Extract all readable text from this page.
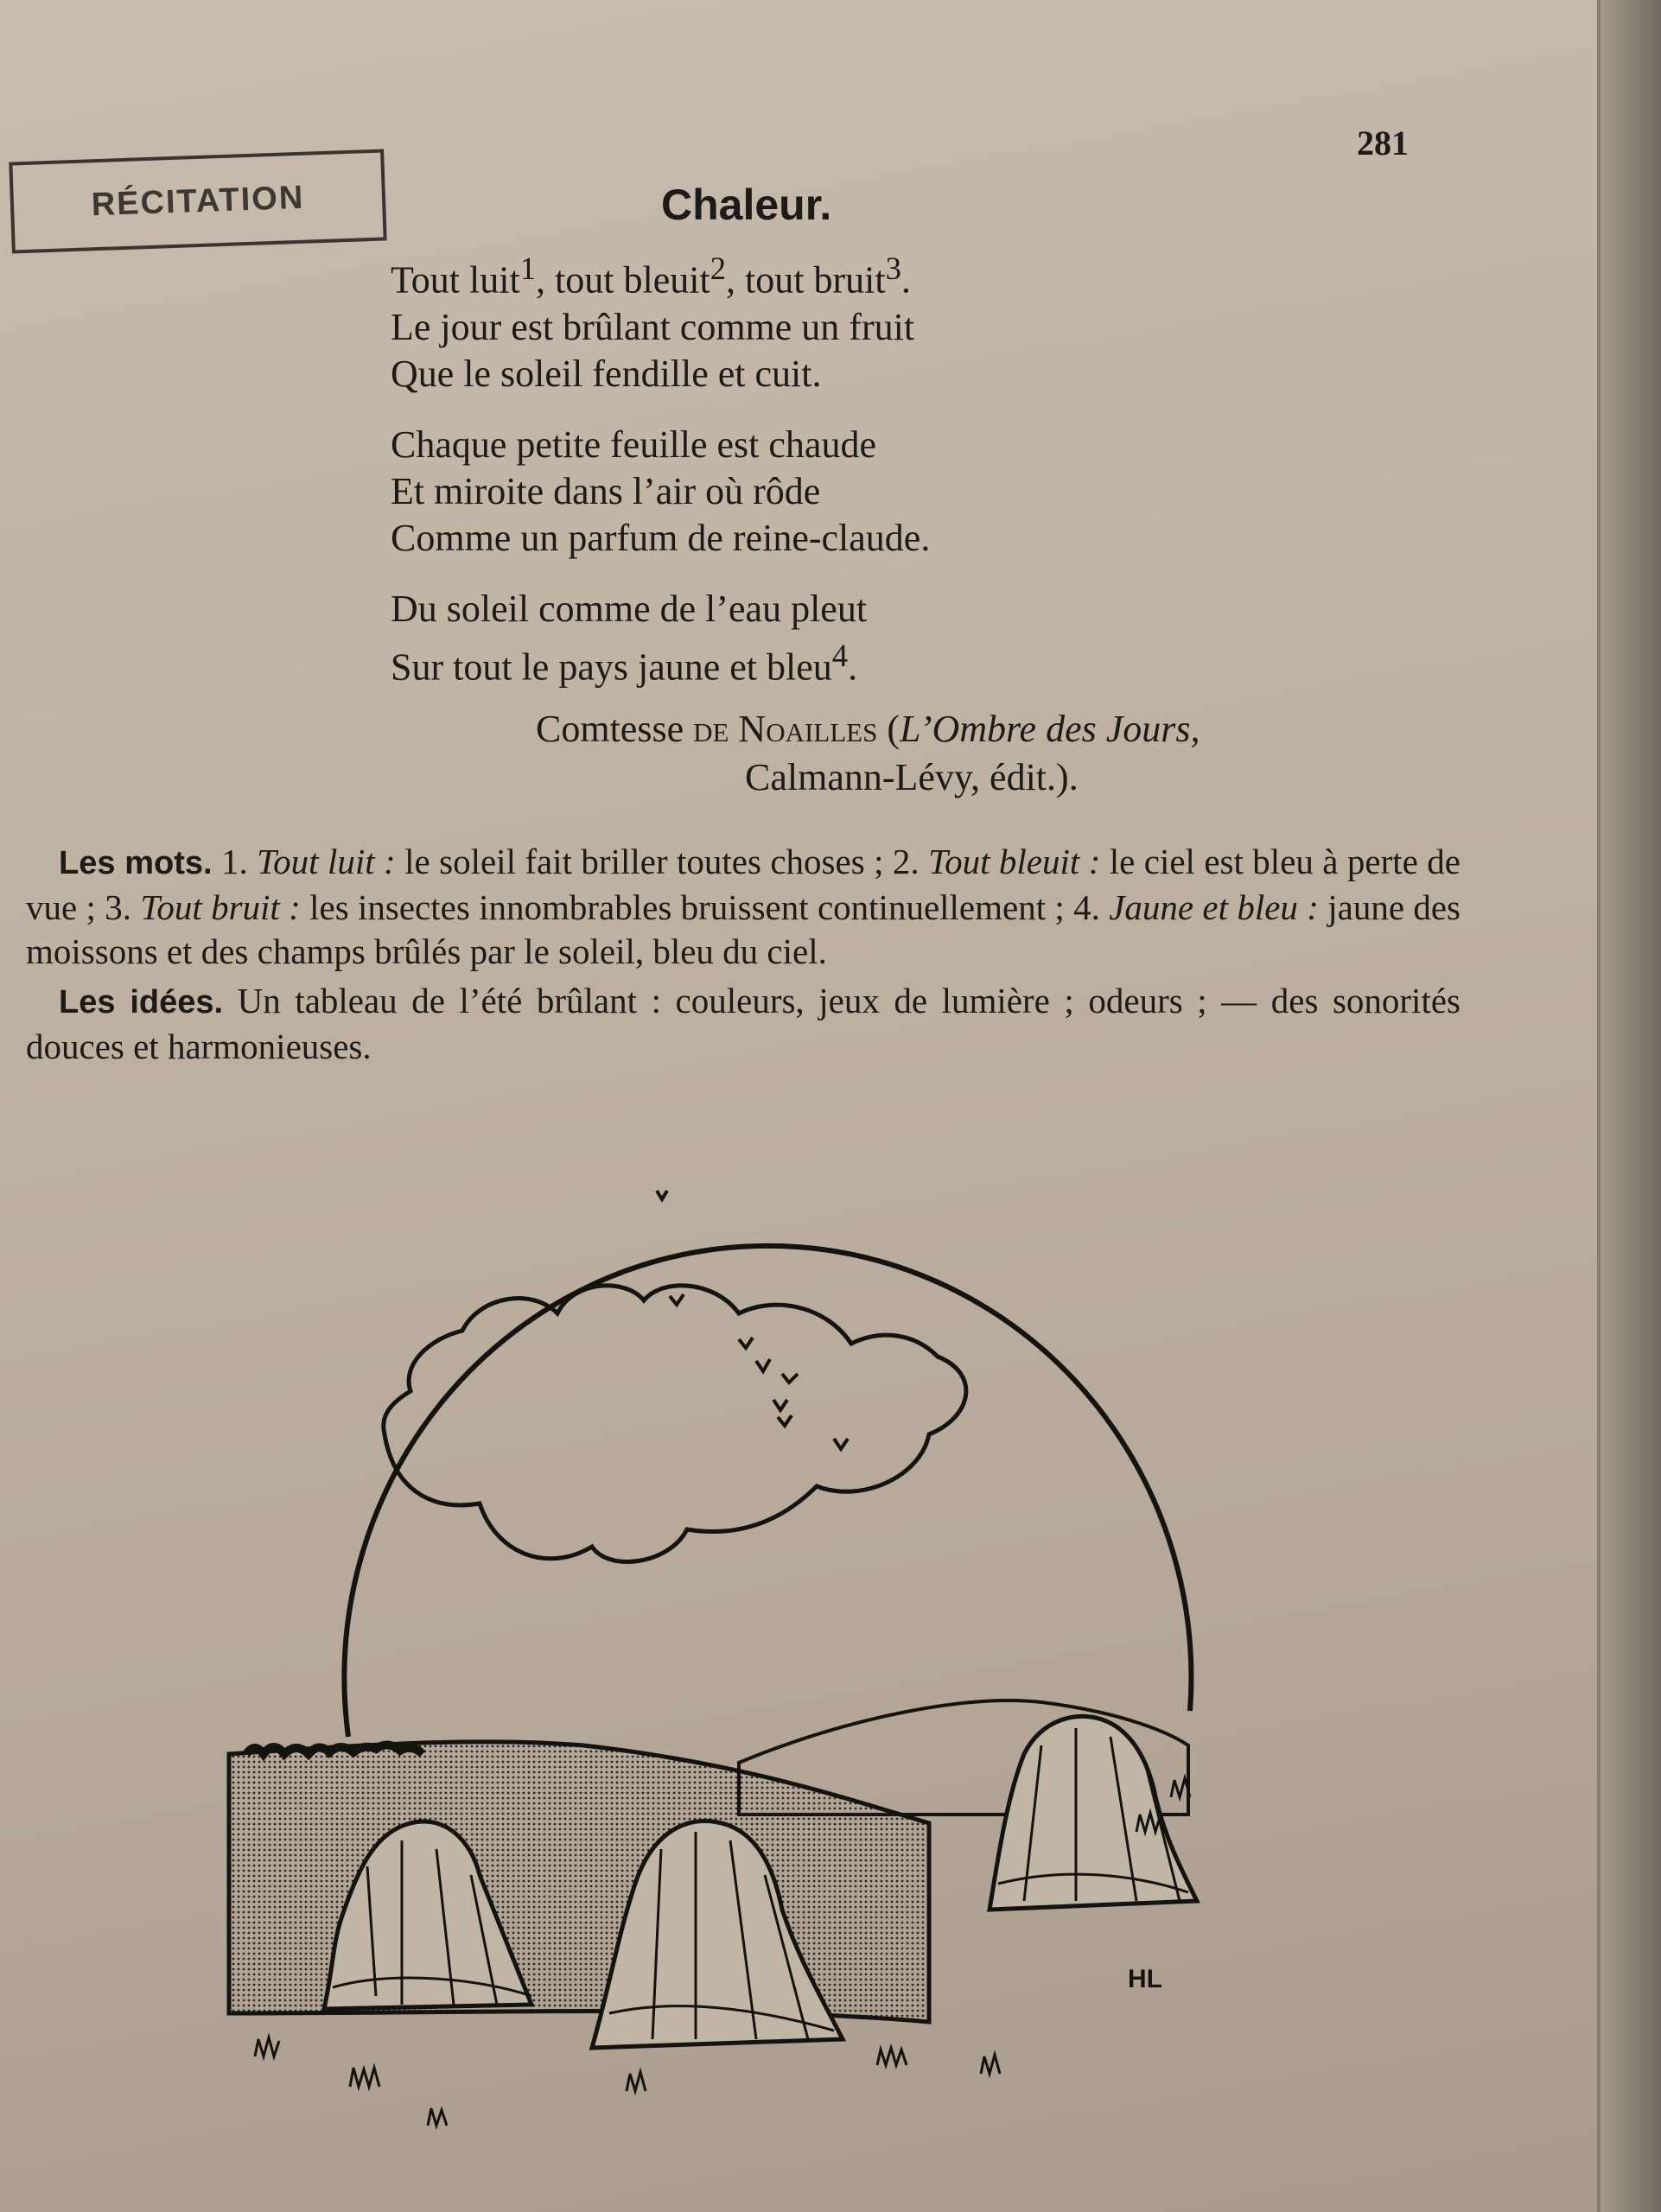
281
RÉCITATION	Chaleur.
Tout luit$^1$, tout bleuit$^2$, tout bruit$^3$.
Le jour est brûlant comme un fruit
Que le soleil fendille et cuit.
Chaque petite feuille est chaude
Et miroite dans l’air où rôde
Comme un parfum de reine-claude.
Du soleil comme de l’eau pleut
Sur tout le pays jaune et bleu$^4$.
Comtesse de Noailles (L’Ombre des Jours,
Calmann-Lévy, édit.).

Les mots. 1. Tout luit : le soleil fait briller toutes choses ; 2. Tout bleuit : le ciel est bleu à perte de vue ; 3. Tout bruit : les insectes innombrables bruissent continuellement ; 4. Jaune et bleu : jaune des moissons et des champs brûlés par le soleil, bleu du ciel.

Les idées. Un tableau de l’été brûlant : couleurs, jeux de lumière ; odeurs ; — des sonorités douces et harmonieuses.

HL
